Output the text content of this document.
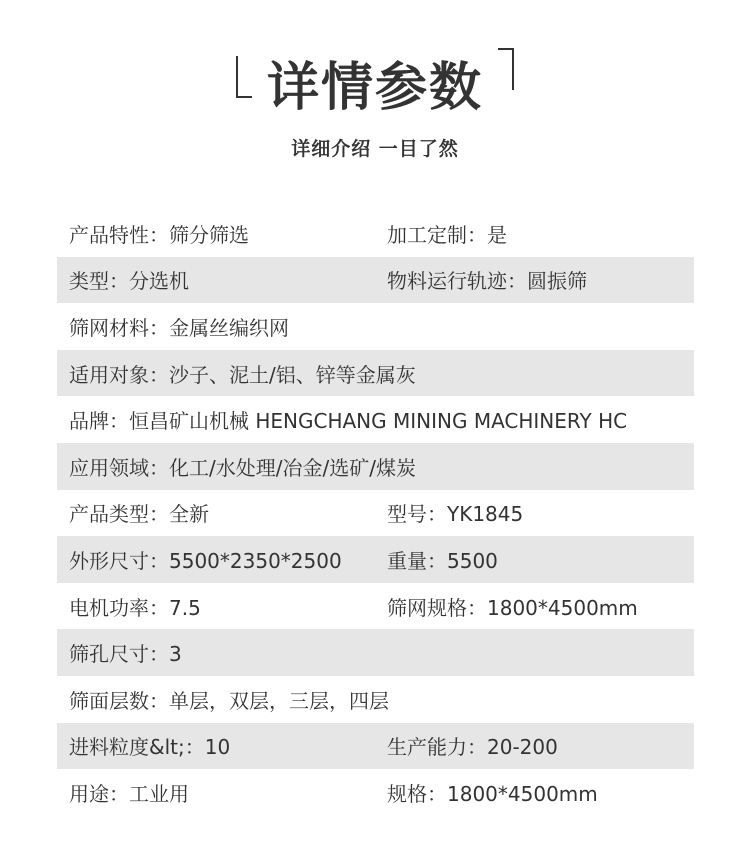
详情参数
详细介绍 一目了然
产品特性：筛分筛选	加工定制：是
类型：分选机	物料运行轨迹：圆振筛
筛网材料：金属丝编织网
适用对象：沙子、泥土/铝、锌等金属灰
品牌：恒昌矿山机械 HENGCHANG MINING MACHINERY HC
应用领域：化工/水处理/冶金/选矿/煤炭
产品类型：全新	型号：YK1845
外形尺寸：5500*2350*2500	重量：5500
电机功率：7.5	筛网规格：1800*4500mm
筛孔尺寸：3
筛面层数：单层，双层，三层，四层
进料粒度&lt;：10	生产能力：20-200
用途：工业用	规格：1800*4500mm
